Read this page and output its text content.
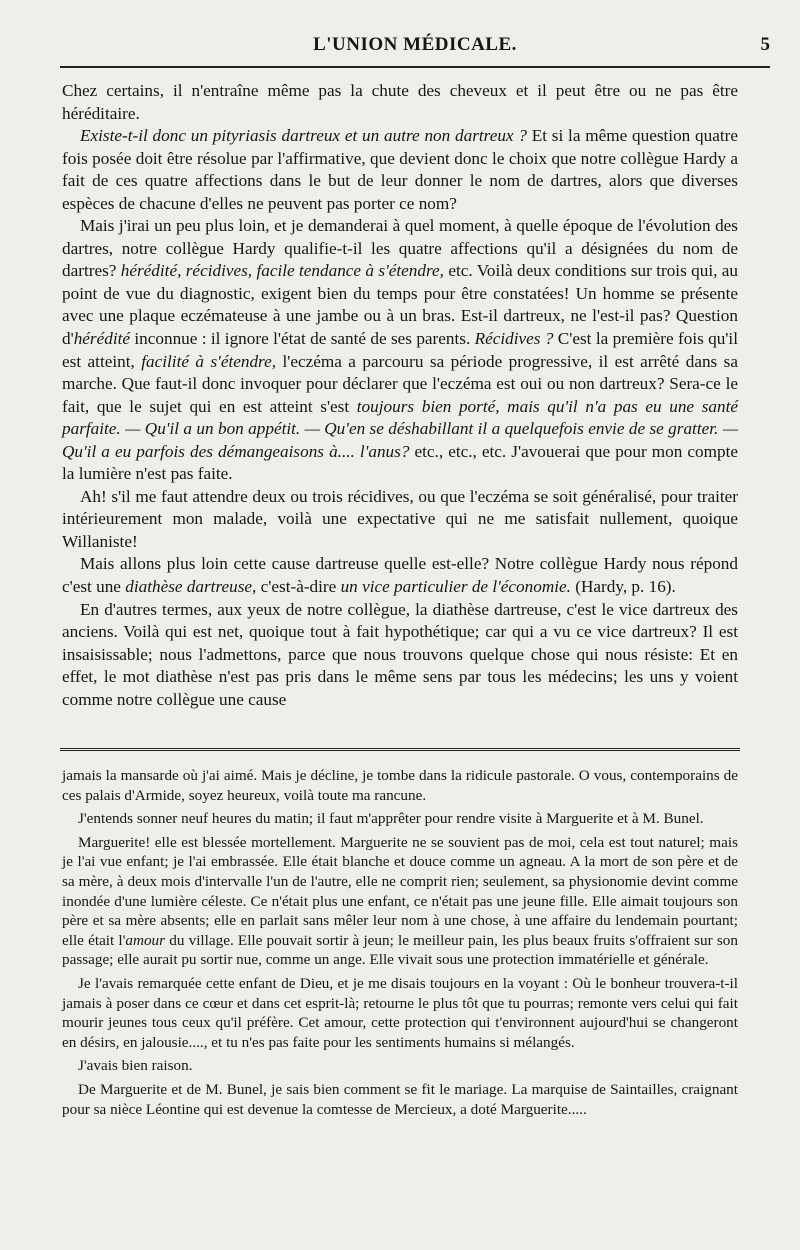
L'UNION MÉDICALE.	5

Chez certains, il n'entraîne même pas la chute des cheveux et il peut être ou ne pas être héréditaire.

Existe-t-il donc un pityriasis dartreux et un autre non dartreux ? Et si la même question quatre fois posée doit être résolue par l'affirmative, que devient donc le choix que notre collègue Hardy a fait de ces quatre affections dans le but de leur donner le nom de dartres, alors que diverses espèces de chacune d'elles ne peuvent pas porter ce nom?

Mais j'irai un peu plus loin, et je demanderai à quel moment, à quelle époque de l'évolution des dartres, notre collègue Hardy qualifie-t-il les quatre affections qu'il a désignées du nom de dartres? hérédité, récidives, facile tendance à s'étendre, etc. Voilà deux conditions sur trois qui, au point de vue du diagnostic, exigent bien du temps pour être constatées! Un homme se présente avec une plaque eczémateuse à une jambe ou à un bras. Est-il dartreux, ne l'est-il pas? Question d'hérédité inconnue : il ignore l'état de santé de ses parents. Récidives ? C'est la première fois qu'il est atteint, facilité à s'étendre, l'eczéma a parcouru sa période progressive, il est arrêté dans sa marche. Que faut-il donc invoquer pour déclarer que l'eczéma est oui ou non dartreux? Sera-ce le fait, que le sujet qui en est atteint s'est toujours bien porté, mais qu'il n'a pas eu une santé parfaite. — Qu'il a un bon appétit. — Qu'en se déshabillant il a quelquefois envie de se gratter. — Qu'il a eu parfois des démangeaisons à.... l'anus? etc., etc., etc. J'avouerai que pour mon compte la lumière n'est pas faite.

Ah! s'il me faut attendre deux ou trois récidives, ou que l'eczéma se soit généralisé, pour traiter intérieurement mon malade, voilà une expectative qui ne me satisfait nullement, quoique Willaniste!

Mais allons plus loin cette cause dartreuse quelle est-elle? Notre collègue Hardy nous répond c'est une diathèse dartreuse, c'est-à-dire un vice particulier de l'économie. (Hardy, p. 16).

En d'autres termes, aux yeux de notre collègue, la diathèse dartreuse, c'est le vice dartreux des anciens. Voilà qui est net, quoique tout à fait hypothétique; car qui a vu ce vice dartreux? Il est insaisissable; nous l'admettons, parce que nous trouvons quelque chose qui nous résiste: Et en effet, le mot diathèse n'est pas pris dans le même sens par tous les médecins; les uns y voient comme notre collègue une cause

jamais la mansarde où j'ai aimé. Mais je décline, je tombe dans la ridicule pastorale. O vous, contemporains de ces palais d'Armide, soyez heureux, voilà toute ma rancune.

J'entends sonner neuf heures du matin; il faut m'apprêter pour rendre visite à Marguerite et à M. Bunel.

Marguerite! elle est blessée mortellement. Marguerite ne se souvient pas de moi, cela est tout naturel; mais je l'ai vue enfant; je l'ai embrassée. Elle était blanche et douce comme un agneau. A la mort de son père et de sa mère, à deux mois d'intervalle l'un de l'autre, elle ne comprit rien; seulement, sa physionomie devint comme inondée d'une lumière céleste. Ce n'était plus une enfant, ce n'était pas une jeune fille. Elle aimait toujours son père et sa mère absents; elle en parlait sans mêler leur nom à une chose, à une affaire du lendemain pourtant; elle était l'amour du village. Elle pouvait sortir à jeun; le meilleur pain, les plus beaux fruits s'offraient sur son passage; elle aurait pu sortir nue, comme un ange. Elle vivait sous une protection immatérielle et générale.

Je l'avais remarquée cette enfant de Dieu, et je me disais toujours en la voyant : Où le bonheur trouvera-t-il jamais à poser dans ce cœur et dans cet esprit-là; retourne le plus tôt que tu pourras; remonte vers celui qui fait mourir jeunes tous ceux qu'il préfère. Cet amour, cette protection qui t'environnent aujourd'hui se changeront en désirs, en jalousie...., et tu n'es pas faite pour les sentiments humains si mélangés.

J'avais bien raison.

De Marguerite et de M. Bunel, je sais bien comment se fit le mariage. La marquise de Saintailles, craignant pour sa nièce Léontine qui est devenue la comtesse de Mercieux, a doté Marguerite.....
